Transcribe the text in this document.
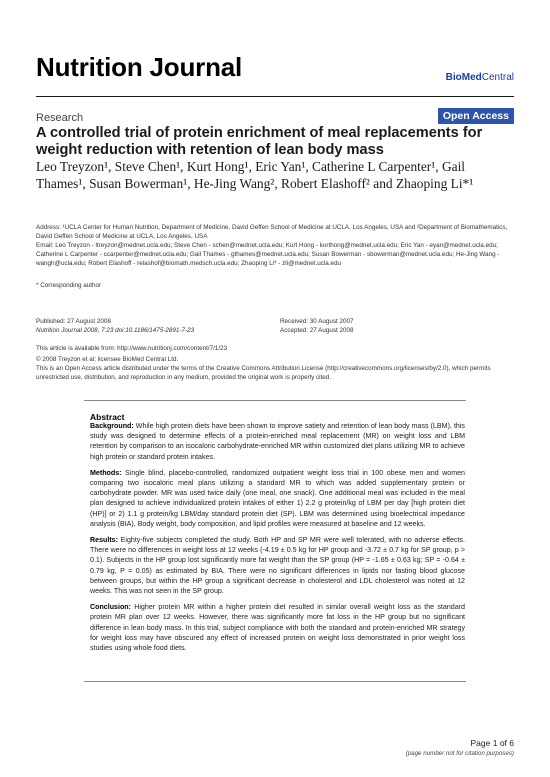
Nutrition Journal	BioMedCentral
Research	Open Access
A controlled trial of protein enrichment of meal replacements for weight reduction with retention of lean body mass
Leo Treyzon¹, Steve Chen¹, Kurt Hong¹, Eric Yan¹, Catherine L Carpenter¹, Gail Thames¹, Susan Bowerman¹, He-Jing Wang², Robert Elashoff² and Zhaoping Li*¹
Address: ¹UCLA Center for Human Nutrition, Department of Medicine, David Geffen School of Medicine at UCLA, Los Angeles, USA and ²Department of Biomathematics, David Geffen School of Medicine at UCLA, Los Angeles, USA
Email: Leo Treyzon - ltreyzon@mednet.ucla.edu; Steve Chen - schen@mednet.ucla.edu; Kurt Hong - kurthong@mednet.ucla.edu; Eric Yan - eyan@mednet.ucla.edu; Catherine L Carpenter - ccarpenter@mednet.ucla.edu; Gail Thames - gthames@mednet.ucla.edu; Susan Bowerman - sbowerman@mednet.ucla.edu; He-Jing Wang - wangh@ucla.edu; Robert Elashoff - relashof@biomath.medsch.ucla.edu; Zhaoping Li* - zli@mednet.ucla.edu
* Corresponding author
Published: 27 August 2008
Nutrition Journal 2008, 7:23 doi:10.1186/1475-2891-7-23
Received: 30 August 2007
Accepted: 27 August 2008
This article is available from: http://www.nutritionj.com/content/7/1/23
© 2008 Treyzon et al; licensee BioMed Central Ltd.
This is an Open Access article distributed under the terms of the Creative Commons Attribution License (http://creativecommons.org/licenses/by/2.0), which permits unrestricted use, distribution, and reproduction in any medium, provided the original work is properly cited.
Abstract

Background: While high protein diets have been shown to improve satiety and retention of lean body mass (LBM), this study was designed to determine effects of a protein-enriched meal replacement (MR) on weight loss and LBM retention by comparison to an isocaloric carbohydrate-enriched MR within customized diet plans utilizing MR to achieve high protein or standard protein intakes.

Methods: Single blind, placebo-controlled, randomized outpatient weight loss trial in 100 obese men and women comparing two isocaloric meal plans utilizing a standard MR to which was added supplementary protein or carbohydrate powder. MR was used twice daily (one meal, one snack). One additional meal was included in the meal plan designed to achieve individualized protein intakes of either 1) 2.2 g protein/kg of LBM per day [high protein diet (HP)] or 2) 1.1 g protein/kg LBM/day standard protein diet (SP). LBM was determined using bioelectrical impedance analysis (BIA). Body weight, body composition, and lipid profiles were measured at baseline and 12 weeks.

Results: Eighty-five subjects completed the study. Both HP and SP MR were well tolerated, with no adverse effects. There were no differences in weight loss at 12 weeks (-4.19 ± 0.5 kg for HP group and -3.72 ± 0.7 kg for SP group, p > 0.1). Subjects in the HP group lost significantly more fat weight than the SP group (HP = -1.65 ± 0.63 kg; SP = -0.64 ± 0.79 kg, P = 0.05) as estimated by BIA. There were no significant differences in lipids nor fasting blood glucose between groups, but within the HP group a significant decrease in cholesterol and LDL cholesterol was noted at 12 weeks. This was not seen in the SP group.

Conclusion: Higher protein MR within a higher protein diet resulted in similar overall weight loss as the standard protein MR plan over 12 weeks. However, there was significantly more fat loss in the HP group but no significant difference in lean body mass. In this trial, subject compliance with both the standard and protein-enriched MR strategy for weight loss may have obscured any effect of increased protein on weight loss demonstrated in prior weight loss studies using whole food diets.

Page 1 of 6
(page number not for citation purposes)
